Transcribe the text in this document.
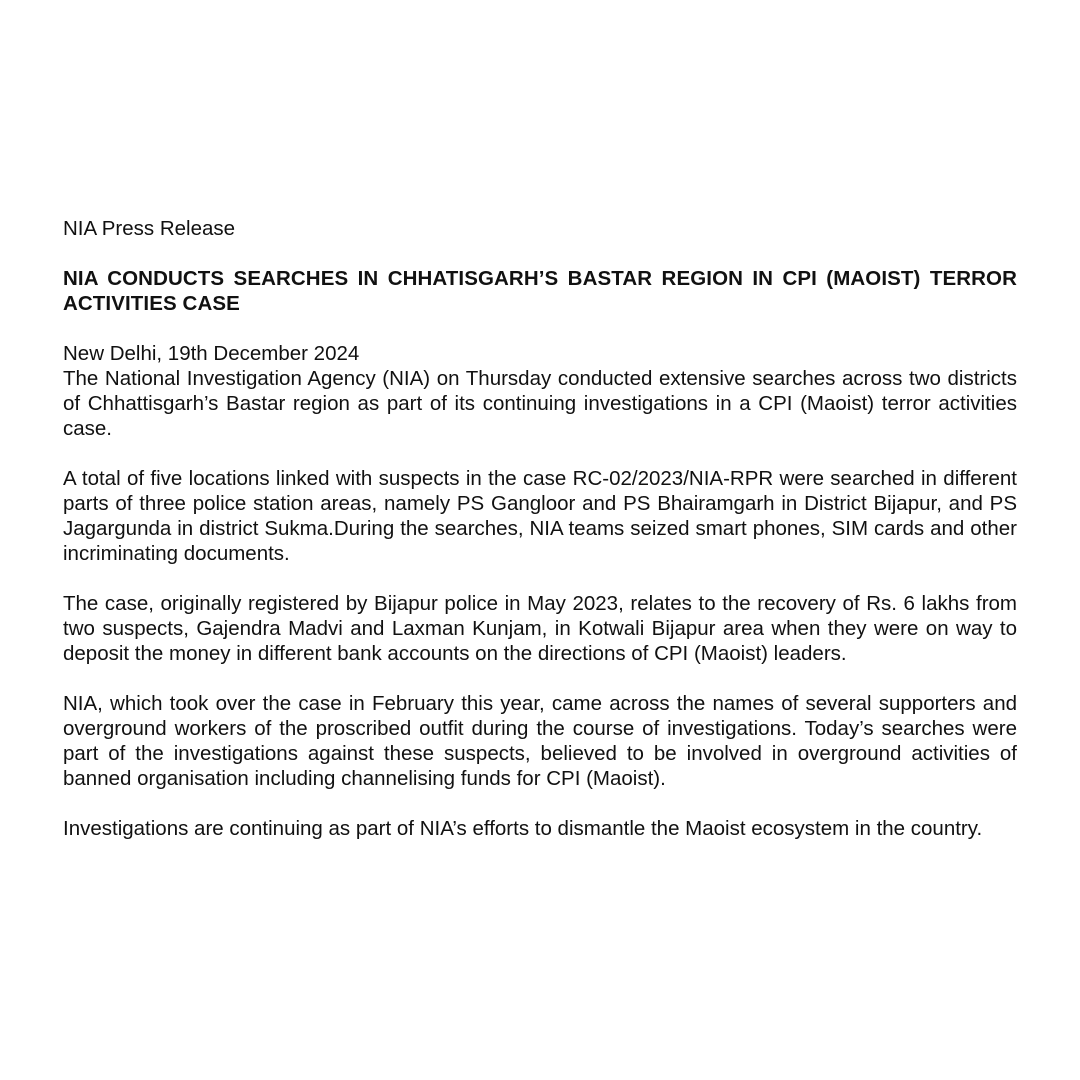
NIA Press Release

NIA CONDUCTS SEARCHES IN CHHATISGARH’S BASTAR REGION IN CPI (MAOIST) TERROR ACTIVITIES CASE

New Delhi, 19th December 2024

The National Investigation Agency (NIA) on Thursday conducted extensive searches across two districts of Chhattisgarh’s Bastar region as part of its continuing investigations in a CPI (Maoist) terror activities case.

A total of five locations linked with suspects in the case RC-02/2023/NIA-RPR were searched in different parts of three police station areas, namely PS Gangloor and PS Bhairamgarh in District Bijapur, and PS Jagargunda in district Sukma.During the searches, NIA teams seized smart phones, SIM cards and other incriminating documents.

The case, originally registered by Bijapur police in May 2023, relates to the recovery of Rs. 6 lakhs from two suspects, Gajendra Madvi and Laxman Kunjam, in Kotwali Bijapur area when they were on way to deposit the money in different bank accounts on the directions of CPI (Maoist) leaders.

NIA, which took over the case in February this year, came across the names of several supporters and overground workers of the proscribed outfit during the course of investigations. Today’s searches were part of the investigations against these suspects, believed to be involved in overground activities of banned organisation including channelising funds for CPI (Maoist).

Investigations are continuing as part of NIA’s efforts to dismantle the Maoist ecosystem in the country.
